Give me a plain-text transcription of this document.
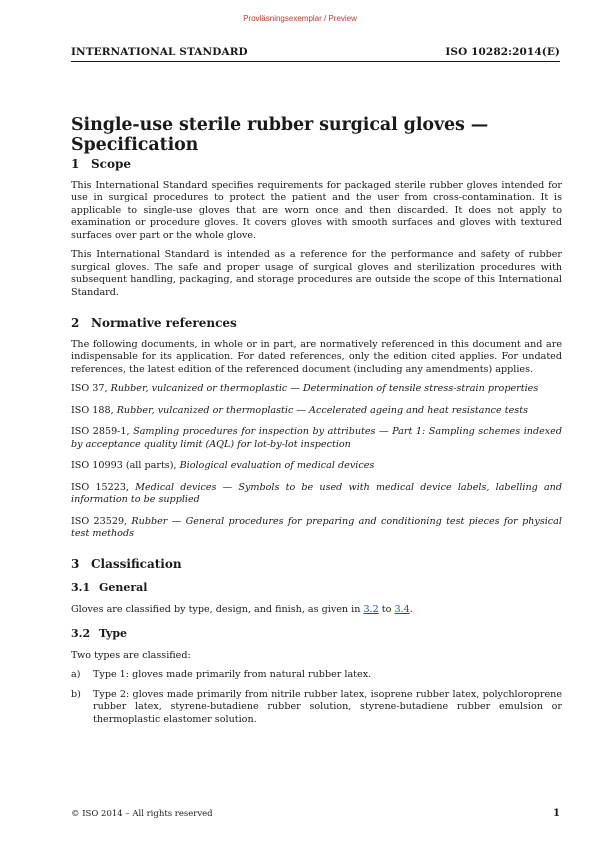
Provläsningsexemplar / Preview
INTERNATIONAL STANDARD	ISO 10282:2014(E)
Single-use sterile rubber surgical gloves — Specification
1 Scope

This International Standard specifies requirements for packaged sterile rubber gloves intended for use in surgical procedures to protect the patient and the user from cross-contamination. It is applicable to single-use gloves that are worn once and then discarded. It does not apply to examination or procedure gloves. It covers gloves with smooth surfaces and gloves with textured surfaces over part or the whole glove.

This International Standard is intended as a reference for the performance and safety of rubber surgical gloves. The safe and proper usage of surgical gloves and sterilization procedures with subsequent handling, packaging, and storage procedures are outside the scope of this International Standard.

2 Normative references

The following documents, in whole or in part, are normatively referenced in this document and are indispensable for its application. For dated references, only the edition cited applies. For undated references, the latest edition of the referenced document (including any amendments) applies.

ISO 37, Rubber, vulcanized or thermoplastic — Determination of tensile stress-strain properties
ISO 188, Rubber, vulcanized or thermoplastic — Accelerated ageing and heat resistance tests
ISO 2859-1, Sampling procedures for inspection by attributes — Part 1: Sampling schemes indexed by acceptance quality limit (AQL) for lot-by-lot inspection
ISO 10993 (all parts), Biological evaluation of medical devices
ISO 15223, Medical devices — Symbols to be used with medical device labels, labelling and information to be supplied
ISO 23529, Rubber — General procedures for preparing and conditioning test pieces for physical test methods
3 Classification
3.1 General

Gloves are classified by type, design, and finish, as given in 3.2 to 3.4.

3.2 Type

Two types are classified:

a)	Type 1: gloves made primarily from natural rubber latex.
b)	Type 2: gloves made primarily from nitrile rubber latex, isoprene rubber latex, polychloroprene rubber latex, styrene-butadiene rubber solution, styrene-butadiene rubber emulsion or thermoplastic elastomer solution.
© ISO 2014 – All rights reserved	1
